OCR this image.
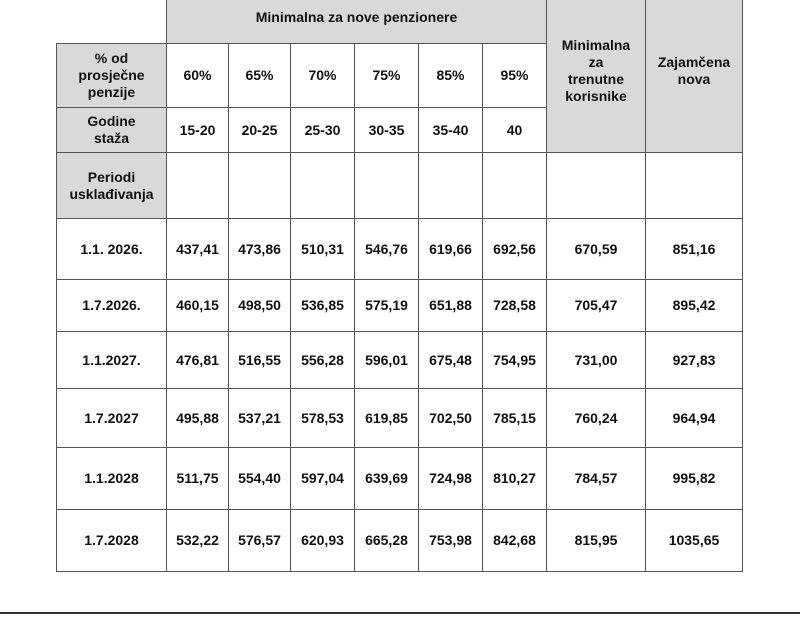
	Minimalna za nove penzionere						Minimalna
za
trenutne
korisnike	Zajamčena
nova
% od
prosječne
penzije	60%	65%	70%	75%	85%	95%		
Godine
staža	15-20	20-25	25-30	30-35	35-40	40		
Periodi
usklađivanja								
1.1. 2026.	437,41	473,86	510,31	546,76	619,66	692,56	670,59	851,16
1.7.2026.	460,15	498,50	536,85	575,19	651,88	728,58	705,47	895,42
1.1.2027.	476,81	516,55	556,28	596,01	675,48	754,95	731,00	927,83
1.7.2027	495,88	537,21	578,53	619,85	702,50	785,15	760,24	964,94
1.1.2028	511,75	554,40	597,04	639,69	724,98	810,27	784,57	995,82
1.7.2028	532,22	576,57	620,93	665,28	753,98	842,68	815,95	1035,65
